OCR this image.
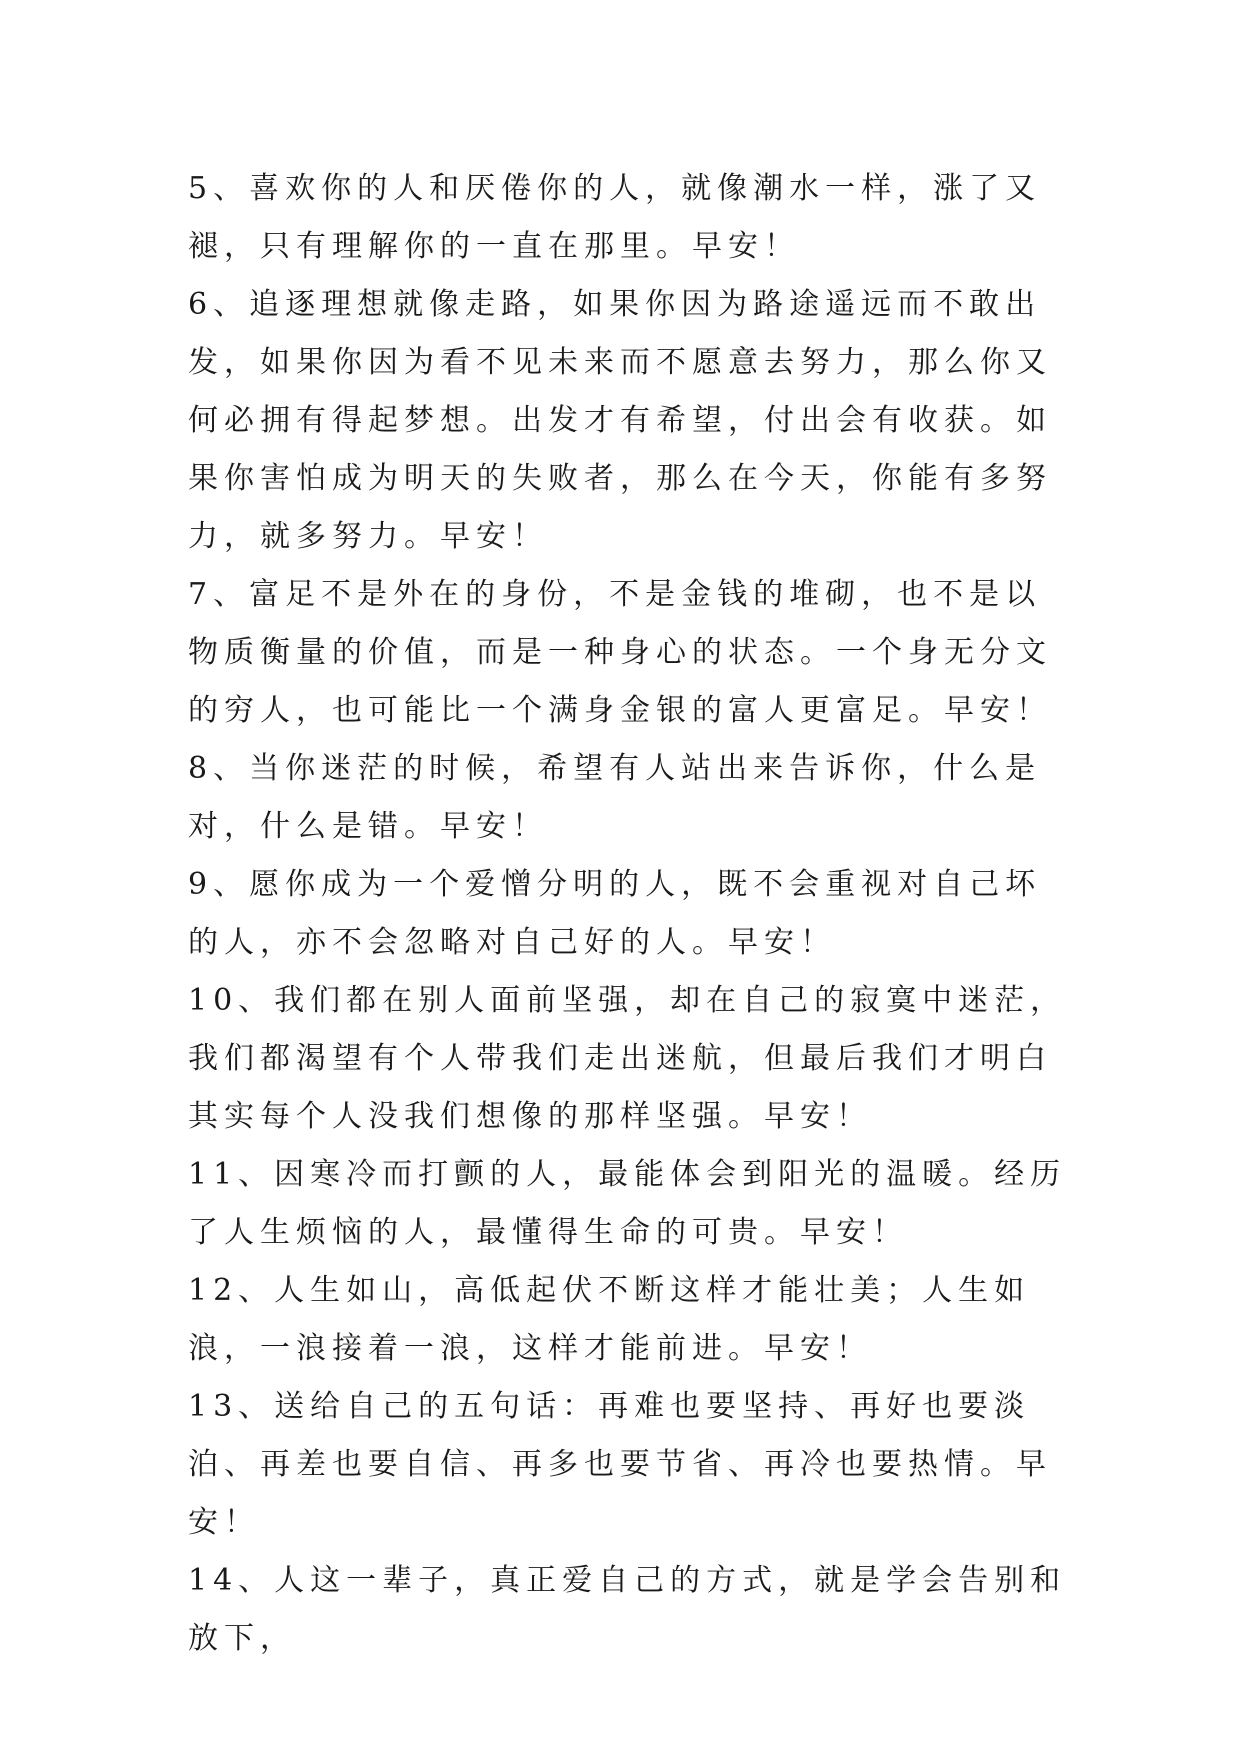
5、喜欢你的人和厌倦你的人，就像潮水一样，涨了又褪，只有理解你的一直在那里。早安！

6、追逐理想就像走路，如果你因为路途遥远而不敢出发，如果你因为看不见未来而不愿意去努力，那么你又何必拥有得起梦想。出发才有希望，付出会有收获。如果你害怕成为明天的失败者，那么在今天，你能有多努力，就多努力。早安！

7、富足不是外在的身份，不是金钱的堆砌，也不是以物质衡量的价值，而是一种身心的状态。一个身无分文的穷人，也可能比一个满身金银的富人更富足。早安！

8、当你迷茫的时候，希望有人站出来告诉你，什么是对，什么是错。早安！

9、愿你成为一个爱憎分明的人，既不会重视对自己坏的人，亦不会忽略对自己好的人。早安！

10、我们都在别人面前坚强，却在自己的寂寞中迷茫，我们都渴望有个人带我们走出迷航，但最后我们才明白其实每个人没我们想像的那样坚强。早安！

11、因寒冷而打颤的人，最能体会到阳光的温暖。经历了人生烦恼的人，最懂得生命的可贵。早安！

12、人生如山，高低起伏不断这样才能壮美；人生如浪，一浪接着一浪，这样才能前进。早安！

13、送给自己的五句话：再难也要坚持、再好也要淡泊、再差也要自信、再多也要节省、再冷也要热情。早安！

14、人这一辈子，真正爱自己的方式，就是学会告别和放下，
